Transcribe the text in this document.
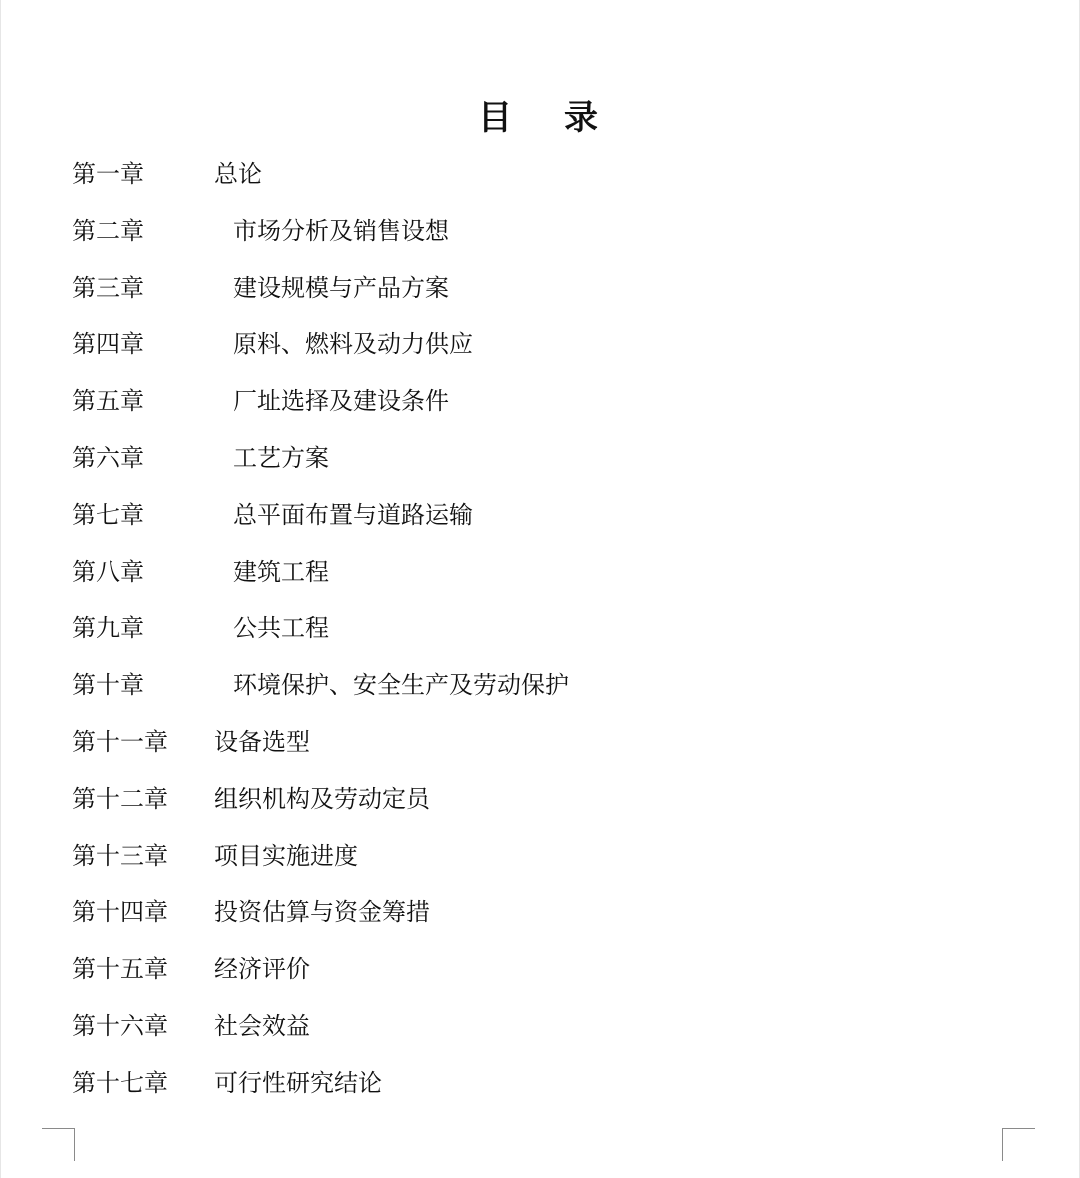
目录
第一章	总论
第二章	市场分析及销售设想
第三章	建设规模与产品方案
第四章	原料、燃料及动力供应
第五章	厂址选择及建设条件
第六章	工艺方案
第七章	总平面布置与道路运输
第八章	建筑工程
第九章	公共工程
第十章	环境保护、安全生产及劳动保护
第十一章 设备选型
第十二章 组织机构及劳动定员
第十三章 项目实施进度
第十四章 投资估算与资金筹措
第十五章 经济评价
第十六章 社会效益
第十七章 可行性研究结论
